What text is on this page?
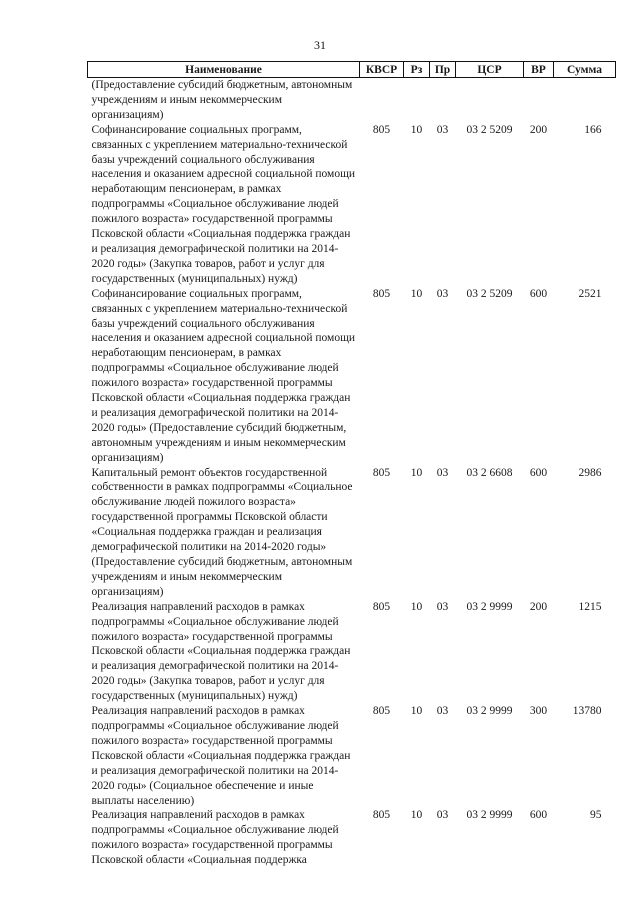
31
Наименование	КВСР	Рз	Пр	ЦСР	ВР	Сумма
(Предоставление субсидий бюджетным, автономным учреждениям и иным некоммерческим организациям)						
Софинансирование социальных программ, связанных с укреплением материально-технической базы учреждений социального обслуживания населения и оказанием адресной социальной помощи неработающим пенсионерам, в рамках подпрограммы «Социальное обслуживание людей пожилого возраста» государственной программы Псковской области «Социальная поддержка граждан и реализация демографической политики на 2014-2020 годы» (Закупка товаров, работ и услуг для государственных (муниципальных) нужд)	805	10	03	03 2 5209	200	166
Софинансирование социальных программ, связанных с укреплением материально-технической базы учреждений социального обслуживания населения и оказанием адресной социальной помощи неработающим пенсионерам, в рамках подпрограммы «Социальное обслуживание людей пожилого возраста» государственной программы Псковской области «Социальная поддержка граждан и реализация демографической политики на 2014-2020 годы» (Предоставление субсидий бюджетным, автономным учреждениям и иным некоммерческим организациям)	805	10	03	03 2 5209	600	2521
Капитальный ремонт объектов государственной собственности в рамках подпрограммы «Социальное обслуживание людей пожилого возраста» государственной программы Псковской области «Социальная поддержка граждан и реализация демографической политики на 2014-2020 годы» (Предоставление субсидий бюджетным, автономным учреждениям и иным некоммерческим организациям)	805	10	03	03 2 6608	600	2986
Реализация направлений расходов в рамках подпрограммы «Социальное обслуживание людей пожилого возраста» государственной программы Псковской области «Социальная поддержка граждан и реализация демографической политики на 2014-2020 годы» (Закупка товаров, работ и услуг для государственных (муниципальных) нужд)	805	10	03	03 2 9999	200	1215
Реализация направлений расходов в рамках подпрограммы «Социальное обслуживание людей пожилого возраста» государственной программы Псковской области «Социальная поддержка граждан и реализация демографической политики на 2014-2020 годы» (Социальное обеспечение и иные выплаты населению)	805	10	03	03 2 9999	300	13780
Реализация направлений расходов в рамках подпрограммы «Социальное обслуживание людей пожилого возраста» государственной программы Псковской области «Социальная поддержка	805	10	03	03 2 9999	600	95
